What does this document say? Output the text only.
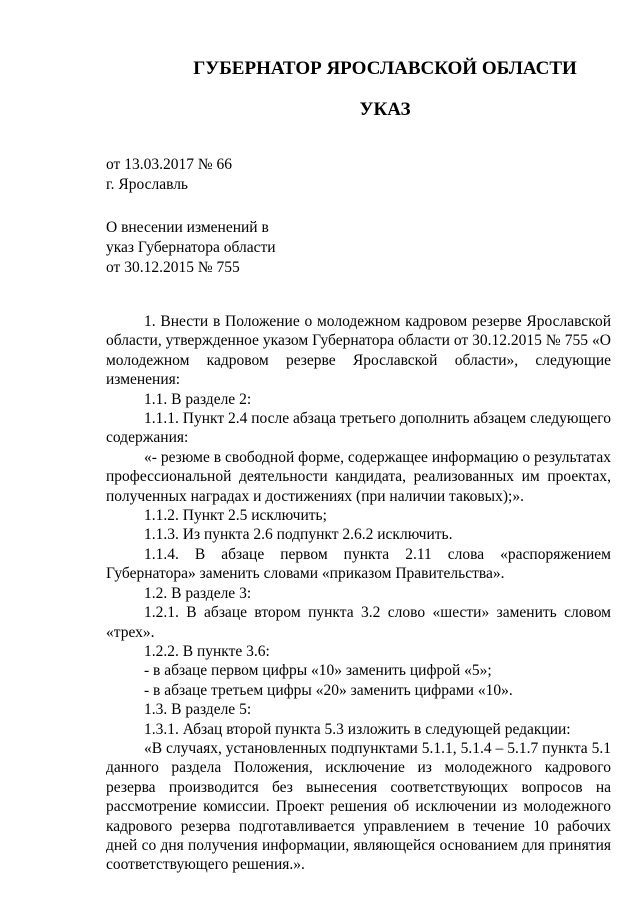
ГУБЕРНАТОР ЯРОСЛАВСКОЙ ОБЛАСТИ
УКАЗ
от 13.03.2017 № 66
г. Ярославль
О внесении изменений в
указ Губернатора области
от 30.12.2015 № 755

1. Внести в Положение о молодежном кадровом резерве Ярославской области, утвержденное указом Губернатора области от 30.12.2015 № 755 «О молодежном кадровом резерве Ярославской области», следующие изменения:

1.1. В разделе 2:

1.1.1. Пункт 2.4 после абзаца третьего дополнить абзацем следующего содержания:

«- резюме в свободной форме, содержащее информацию о результатах профессиональной деятельности кандидата, реализованных им проектах, полученных наградах и достижениях (при наличии таковых);».

1.1.2. Пункт 2.5 исключить;

1.1.3. Из пункта 2.6 подпункт 2.6.2 исключить.

1.1.4. В абзаце первом пункта 2.11 слова «распоряжением Губернатора» заменить словами «приказом Правительства».

1.2. В разделе 3:

1.2.1. В абзаце втором пункта 3.2 слово «шести» заменить словом «трех».

1.2.2. В пункте 3.6:

- в абзаце первом цифры «10» заменить цифрой «5»;

- в абзаце третьем цифры «20» заменить цифрами «10».

1.3. В разделе 5:

1.3.1. Абзац второй пункта 5.3 изложить в следующей редакции:

«В случаях, установленных подпунктами 5.1.1, 5.1.4 – 5.1.7 пункта 5.1 данного раздела Положения, исключение из молодежного кадрового резерва производится без вынесения соответствующих вопросов на рассмотрение комиссии. Проект решения об исключении из молодежного кадрового резерва подготавливается управлением в течение 10 рабочих дней со дня получения информации, являющейся основанием для принятия соответствующего решения.».
